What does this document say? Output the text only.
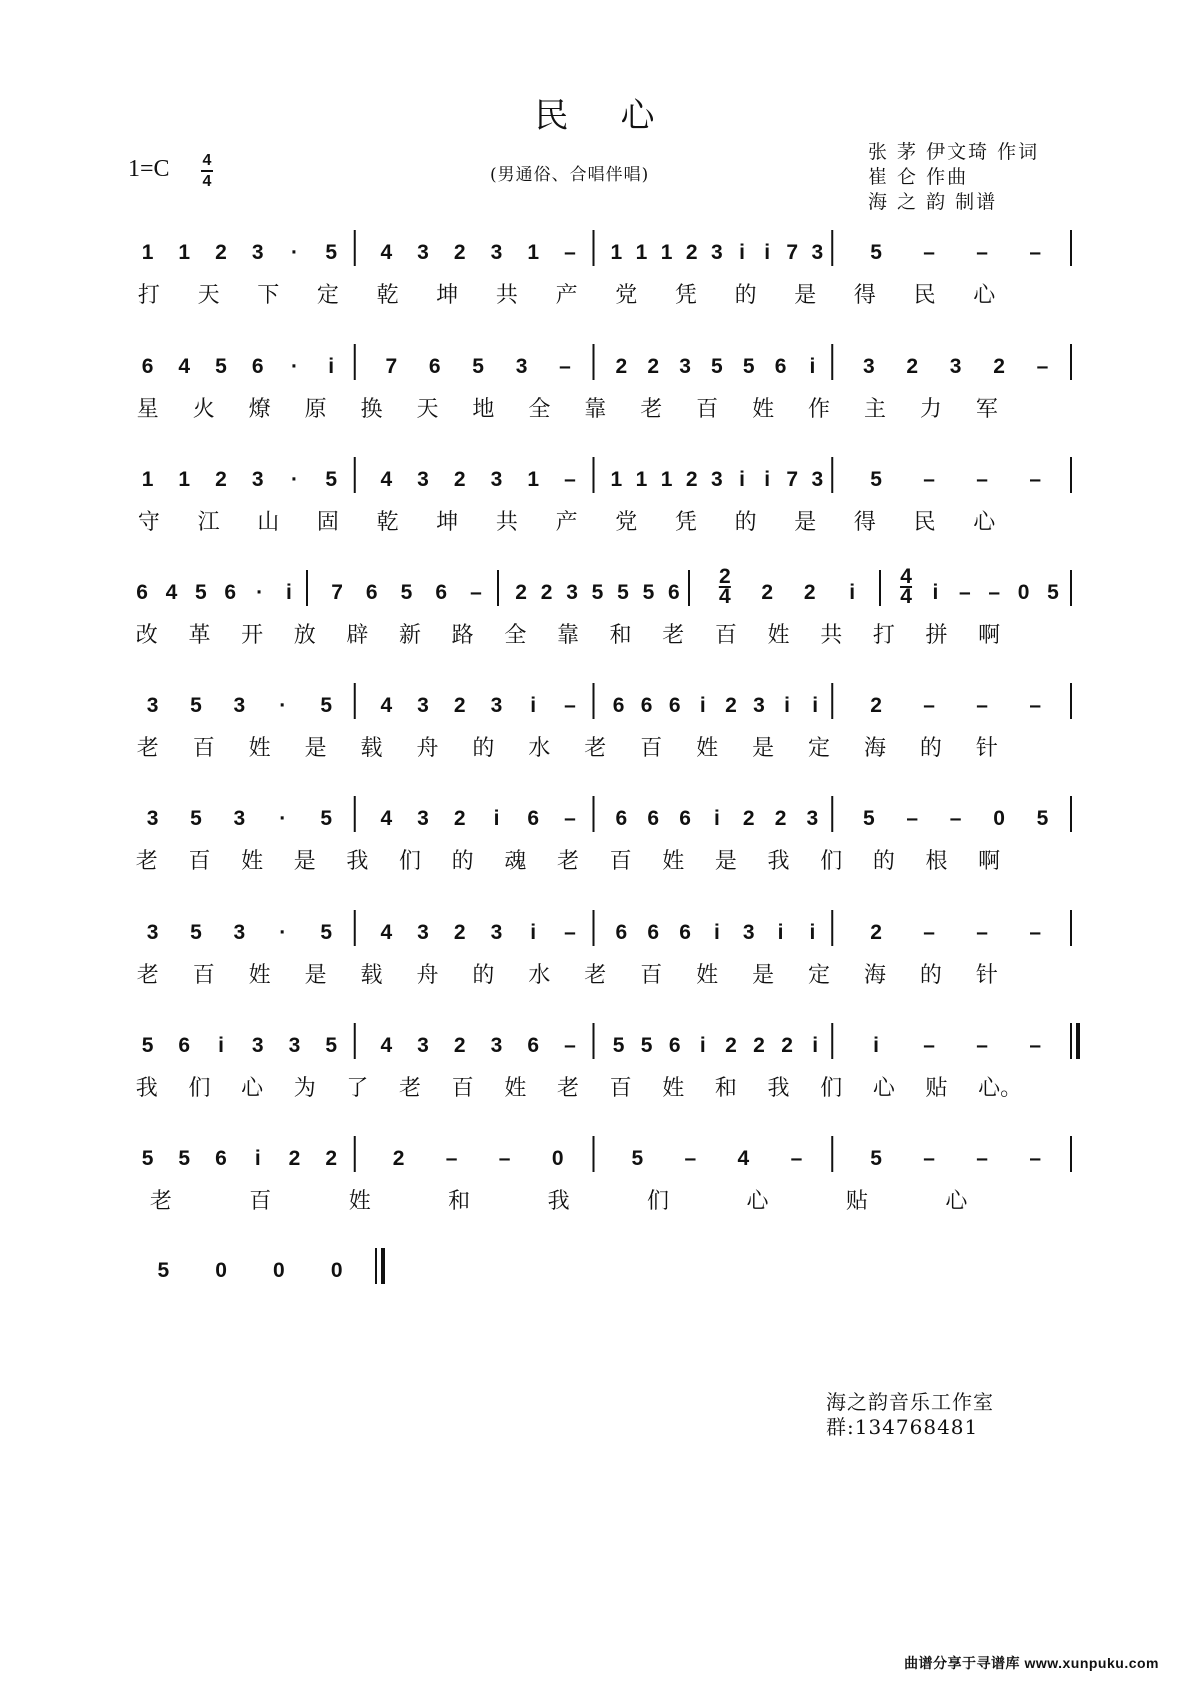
民心
1=C 4
4	(男通俗、合唱伴唱)
张 茅 伊文琦 作词
崔 仑 作曲
海 之 韵 制谱
1 1 2 3 · 5 4 3 2 3 1 – 1 1 1 2 3 i i 7 3 5 – – –
打 天 下 定 乾 坤 共 产 党 凭 的 是 得 民 心
6 4 5 6 · i 7 6 5 3 – 2 2 3 5 5 6 i 3 2 3 2 –
星 火 燎 原 换 天 地 全 靠 老 百 姓 作 主 力 军
1 1 2 3 · 5 4 3 2 3 1 – 1 1 1 2 3 i i 7 3 5 – – –
守 江 山 固 乾 坤 共 产 党 凭 的 是 得 民 心
6 4 5 6 · i 7 6 5 6 – 2 2 3 5 5 5 6
2
4 2 2 i
4
4 i – – 0 5
改 革 开 放 辟 新 路 全 靠 和 老 百 姓 共 打 拼 啊
3 5 3 · 5 4 3 2 3 i – 6 6 6 i 2 3 i i 2 – – –
老 百 姓 是 载 舟 的 水 老 百 姓 是 定 海 的 针
3 5 3 · 5 4 3 2 i 6 – 6 6 6 i 2 2 3 5 – – 0 5
老 百 姓 是 我 们 的 魂 老 百 姓 是 我 们 的 根 啊
3 5 3 · 5 4 3 2 3 i – 6 6 6 i 3 i i	2 – – –
老 百 姓 是 载 舟 的 水 老 百 姓 是 定 海 的 针
5 6 i 3 3 5 4 3 2 3 6 – 5 5 6 i 2 2 2 i	i – – –
我 们 心 为 了 老 百 姓 老 百 姓 和 我 们 心 贴 心。
5 5 6 i 2 2	2 – – 0	5 – 4 –	5 – – –
老	百	姓	和	我	们	心	贴	心
5 0 0 0
海之韵音乐工作室
群:134768481
曲谱分享于寻谱库 www.xunpuku.com
